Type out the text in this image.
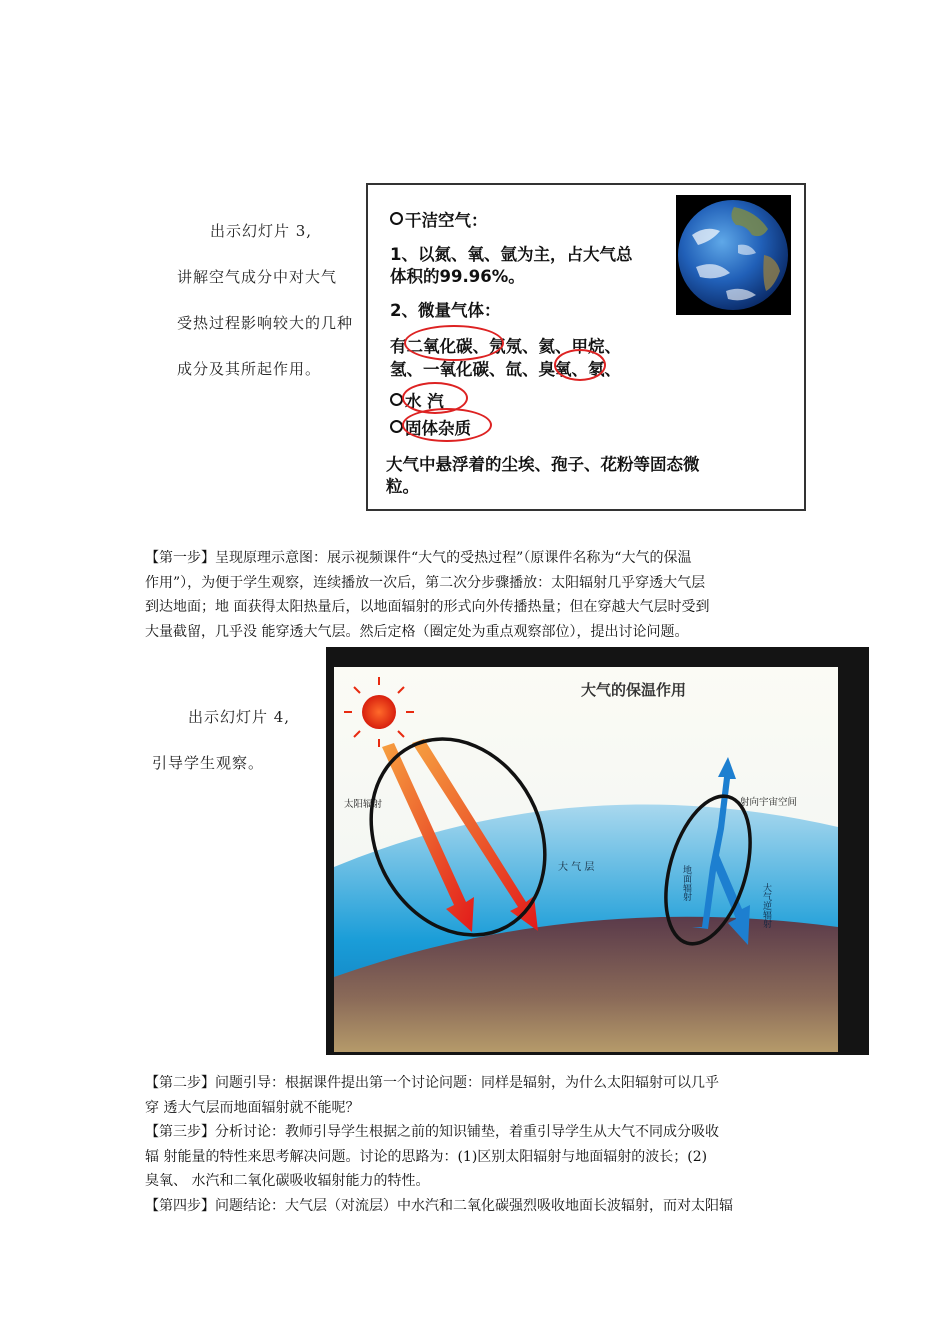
出示幻灯片 3,
讲解空气成分中对大气
受热过程影响较大的几种
成分及其所起作用。
干洁空气：
1、以氮、氧、氩为主，占大气总
体积的99.96%。
2、微量气体：
有二氧化碳、氖氖、氦、甲烷、
氢、一氧化碳、氙、臭氧、氡、
水 汽
固体杂质
大气中悬浮着的尘埃、孢子、花粉等固态微
粒。

【第一步】呈现原理示意图：展示视频课件“大气的受热过程”（原课件名称为“大气的保温

作用”），为便于学生观察，连续播放一次后，第二次分步骤播放：太阳辐射几乎穿透大气层

到达地面；地 面获得太阳热量后，以地面辐射的形式向外传播热量；但在穿越大气层时受到

大量截留，几乎没 能穿透大气层。然后定格（圈定处为重点观察部位），提出讨论问题。

出示幻灯片 4,
引导学生观察。
大气的保温作用
太阳辐射
大 气 层
射向宇宙空间
地面辐射	大气逆辐射

【第二步】问题引导：根据课件提出第一个讨论问题：同样是辐射，为什么太阳辐射可以几乎

穿 透大气层而地面辐射就不能呢？

【第三步】分析讨论：教师引导学生根据之前的知识铺垫，着重引导学生从大气不同成分吸收

辐 射能量的特性来思考解决问题。讨论的思路为：(1)区别太阳辐射与地面辐射的波长；(2)

臭氧、 水汽和二氧化碳吸收辐射能力的特性。

【第四步】问题结论：大气层（对流层）中水汽和二氧化碳强烈吸收地面长波辐射，而对太阳辐
